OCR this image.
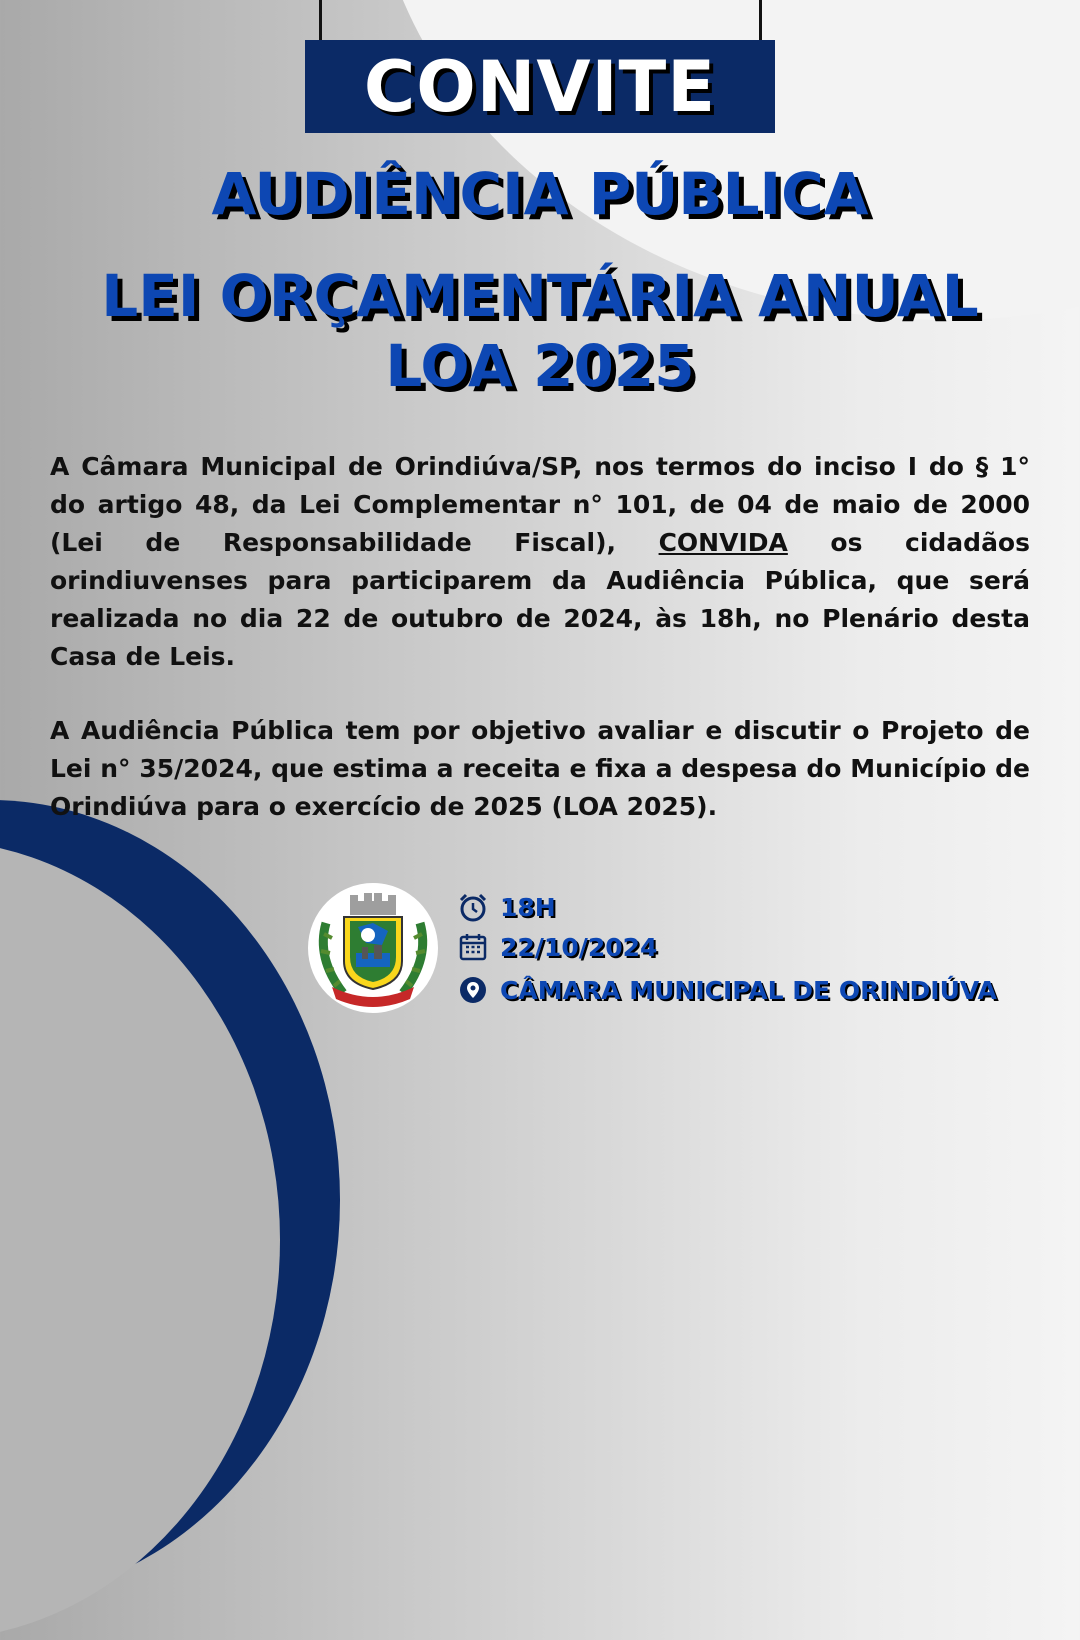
CONVITE
AUDIÊNCIA PÚBLICA
LEI ORÇAMENTÁRIA ANUAL
LOA 2025

A Câmara Municipal de Orindiúva/SP, nos termos do inciso I do § 1° do artigo 48, da Lei Complementar n° 101, de 04 de maio de 2000 (Lei de Responsabilidade Fiscal), CONVIDA os cidadãos orindiuvenses para participarem da Audiência Pública, que será realizada no dia 22 de outubro de 2024, às 18h, no Plenário desta Casa de Leis.

A Audiência Pública tem por objetivo avaliar e discutir o Projeto de Lei n° 35/2024, que estima a receita e fixa a despesa do Município de Orindiúva para o exercício de 2025 (LOA 2025).

18H
22/10/2024
CÂMARA MUNICIPAL DE ORINDIÚVA
